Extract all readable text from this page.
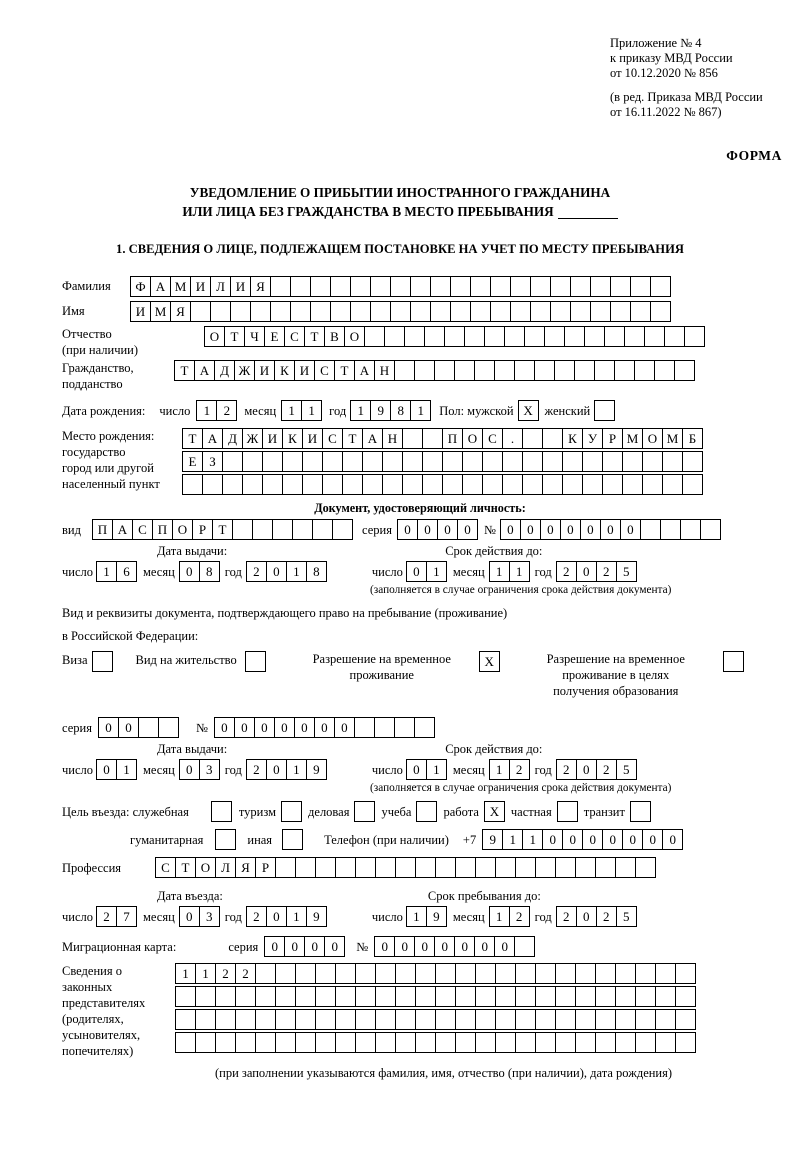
Приложение № 4
к приказу МВД России
от 10.12.2020 № 856
(в ред. Приказа МВД России
от 16.11.2022 № 867)
ФОРМА
УВЕДОМЛЕНИЕ О ПРИБЫТИИ ИНОСТРАННОГО ГРАЖДАНИНА
ИЛИ ЛИЦА БЕЗ ГРАЖДАНСТВА В МЕСТО ПРЕБЫВАНИЯ
1. СВЕДЕНИЯ О ЛИЦЕ, ПОДЛЕЖАЩЕМ ПОСТАНОВКЕ НА УЧЕТ ПО МЕСТУ ПРЕБЫВАНИЯ
Фамилия	Ф А М И Л И Я
Имя	И М Я
Отчество
(при наличии)
О Т Ч Е С Т В О
Гражданство,
подданство
Т А Д Ж И К И С Т А Н
Дата рождения: число	1	2	месяц 1	1	год 1	9	8	1	Пол: мужской X женский
Место рождения:
государство
город или другой
населенный пункт
Т А Д Ж И К И С Т А Н	П О С	.	К У Р М О М Б
Е З
Документ, удостоверяющий личность:
вид	П А С П О Р Т	серия 0	0	0	0	№ 0	0	0	0	0	0	0
Дата выдачи:	Срок действия до:
число 1	6	месяц 0	8 год 2	0	1	8	число 0	1	месяц 1	1 год 2	0	2	5
(заполняется в случае ограничения срока действия документа)
Вид и реквизиты документа, подтверждающего право на пребывание (проживание)
в Российской Федерации:
Виза	Вид на жительство	Разрешение на временное
проживание
X	Разрешение на временное
проживание в целях
получения образования
серия	0	0	№	0	0	0	0	0	0	0
Дата выдачи:	Срок действия до:
число 0	1	месяц 0	3 год 2	0	1	9	число 0	1	месяц 1	2 год 2	0	2	5
(заполняется в случае ограничения срока действия документа)
Цель въезда: служебная	туризм	деловая	учеба	работа X частная	транзит
гуманитарная	иная	Телефон (при наличии) +7	9	1	1	0	0	0	0	0	0	0
Профессия	С Т О Л Я Р
Дата въезда:	Срок пребывания до:
число 2	7	месяц 0	3 год 2	0	1	9	число 1	9	месяц 1	2 год 2	0	2	5
Миграционная карта:	серия	0	0	0	0	№	0	0	0	0	0	0	0
Сведения о
законных
представителях
(родителях,
усыновителях,
попечителях)
1	1	2	2
(при заполнении указываются фамилия, имя, отчество (при наличии), дата рождения)
